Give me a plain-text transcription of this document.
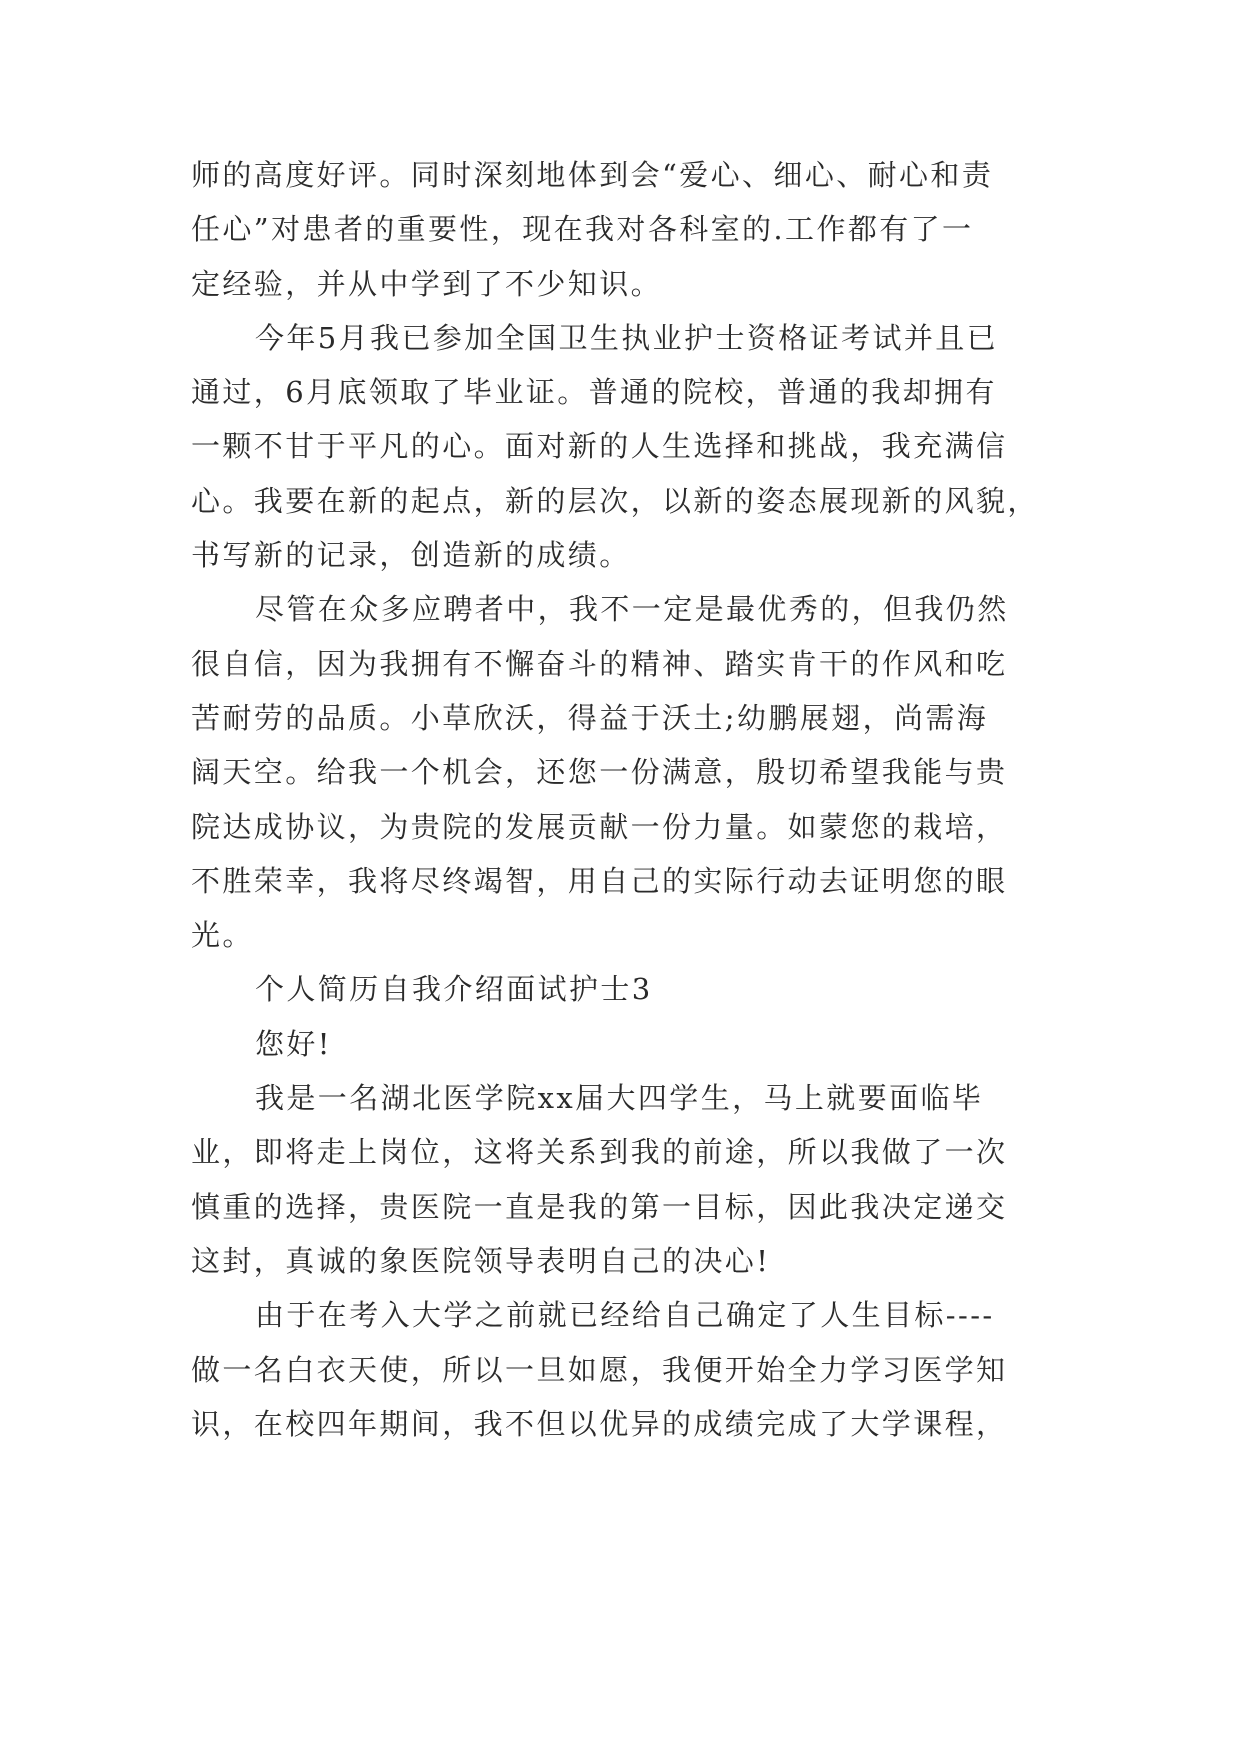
师的高度好评。同时深刻地体到会“爱心、细心、耐心和责
任心”对患者的重要性，现在我对各科室的.工作都有了一
定经验，并从中学到了不少知识。

今年5月我已参加全国卫生执业护士资格证考试并且已
通过，6月底领取了毕业证。普通的院校，普通的我却拥有
一颗不甘于平凡的心。面对新的人生选择和挑战，我充满信
心。我要在新的起点，新的层次，以新的姿态展现新的风貌，
书写新的记录，创造新的成绩。

尽管在众多应聘者中，我不一定是最优秀的，但我仍然
很自信，因为我拥有不懈奋斗的精神、踏实肯干的作风和吃
苦耐劳的品质。小草欣沃，得益于沃土;幼鹏展翅，尚需海
阔天空。给我一个机会，还您一份满意，殷切希望我能与贵
院达成协议，为贵院的发展贡献一份力量。如蒙您的栽培，
不胜荣幸，我将尽终竭智，用自己的实际行动去证明您的眼
光。

个人简历自我介绍面试护士3

您好!

我是一名湖北医学院xx届大四学生，马上就要面临毕
业，即将走上岗位，这将关系到我的前途，所以我做了一次
慎重的选择，贵医院一直是我的第一目标，因此我决定递交
这封，真诚的象医院领导表明自己的决心!

由于在考入大学之前就已经给自己确定了人生目标----
做一名白衣天使，所以一旦如愿，我便开始全力学习医学知
识，在校四年期间，我不但以优异的成绩完成了大学课程，
